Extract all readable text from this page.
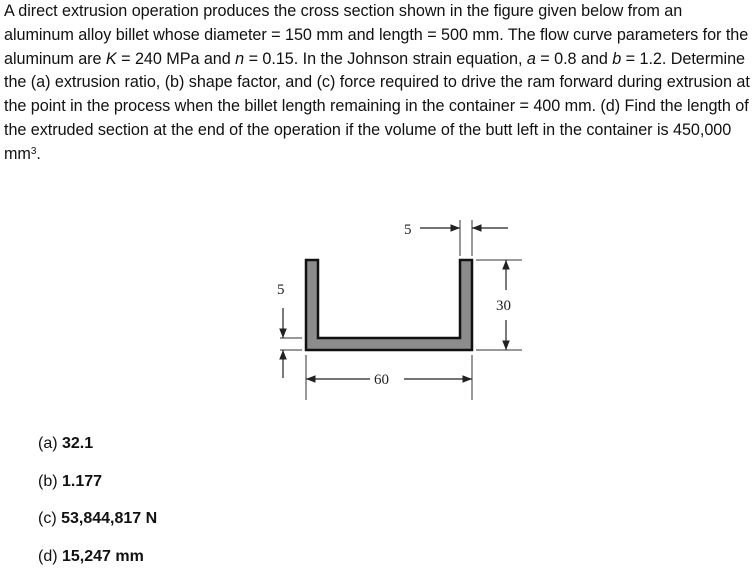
A direct extrusion operation produces the cross section shown in the figure given below from an aluminum alloy billet whose diameter = 150 mm and length = 500 mm. The flow curve parameters for the aluminum are K = 240 MPa and n = 0.15. In the Johnson strain equation, a = 0.8 and b = 1.2. Determine the (a) extrusion ratio, (b) shape factor, and (c) force required to drive the ram forward during extrusion at the point in the process when the billet length remaining in the container = 400 mm. (d) Find the length of the extruded section at the end of the operation if the volume of the butt left in the container is 450,000 $mm^3$.
5
5
30
60
(a) 32.1
(b) 1.177
(c) 53,844,817 N
(d) 15,247 mm
